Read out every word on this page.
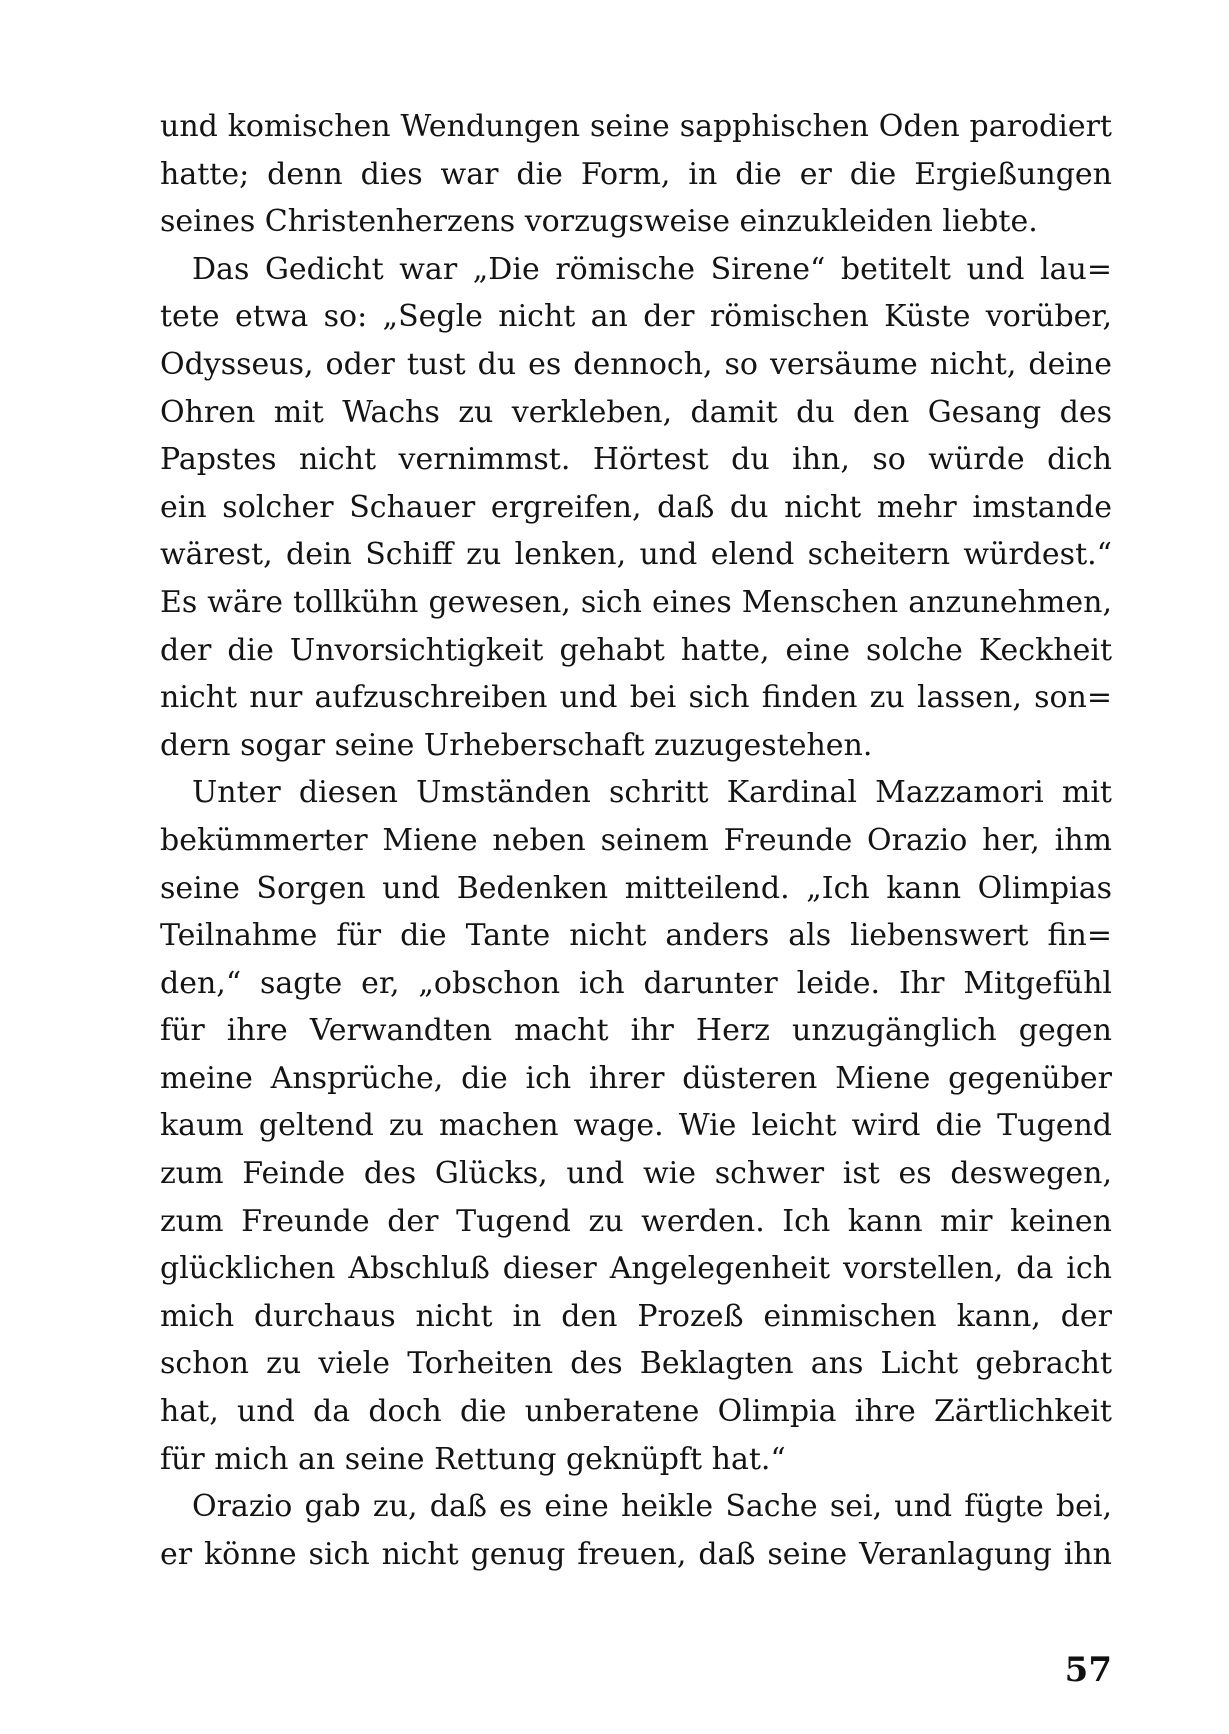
und komischen Wendungen seine sapphischen Oden parodiert
hatte; denn dies war die Form, in die er die Ergießungen
seines Christenherzens vorzugsweise einzukleiden liebte.
Das Gedicht war „Die römische Sirene“ betitelt und lau=
tete etwa so: „Segle nicht an der römischen Küste vorüber,
Odysseus, oder tust du es dennoch, so versäume nicht, deine
Ohren mit Wachs zu verkleben, damit du den Gesang des
Papstes nicht vernimmst. Hörtest du ihn, so würde dich
ein solcher Schauer ergreifen, daß du nicht mehr imstande
wärest, dein Schiff zu lenken, und elend scheitern würdest.“
Es wäre tollkühn gewesen, sich eines Menschen anzunehmen,
der die Unvorsichtigkeit gehabt hatte, eine solche Keckheit
nicht nur aufzuschreiben und bei sich finden zu lassen, son=
dern sogar seine Urheberschaft zuzugestehen.
Unter diesen Umständen schritt Kardinal Mazzamori mit
bekümmerter Miene neben seinem Freunde Orazio her, ihm
seine Sorgen und Bedenken mitteilend. „Ich kann Olimpias
Teilnahme für die Tante nicht anders als liebenswert fin=
den,“ sagte er, „obschon ich darunter leide. Ihr Mitgefühl
für ihre Verwandten macht ihr Herz unzugänglich gegen
meine Ansprüche, die ich ihrer düsteren Miene gegenüber
kaum geltend zu machen wage. Wie leicht wird die Tugend
zum Feinde des Glücks, und wie schwer ist es deswegen,
zum Freunde der Tugend zu werden. Ich kann mir keinen
glücklichen Abschluß dieser Angelegenheit vorstellen, da ich
mich durchaus nicht in den Prozeß einmischen kann, der
schon zu viele Torheiten des Beklagten ans Licht gebracht
hat, und da doch die unberatene Olimpia ihre Zärtlichkeit
für mich an seine Rettung geknüpft hat.“
Orazio gab zu, daß es eine heikle Sache sei, und fügte bei,
er könne sich nicht genug freuen, daß seine Veranlagung ihn
57
